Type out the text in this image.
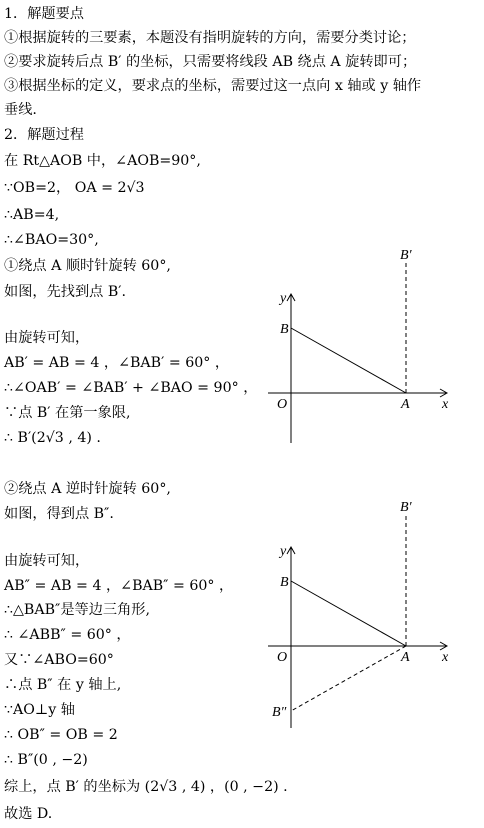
1．解题要点
①根据旋转的三要素，本题没有指明旋转的方向，需要分类讨论；
②要求旋转后点 B′ 的坐标，只需要将线段 AB 绕点 A 旋转即可；
③根据坐标的定义，要求点的坐标，需要过这一点向 x 轴或 y 轴作
垂线.
2．解题过程
在 Rt△AOB 中，∠AOB=90°,
∵OB=2， OA = 2√3
∴AB=4,
∴∠BAO=30°,
①绕点 A 顺时针旋转 60°,
如图，先找到点 B′.
由旋转可知，
AB′ = AB = 4 ，∠BAB′ = 60° ，
∴∠OAB′ = ∠BAB′ + ∠BAO = 90° ，
∵点 B′ 在第一象限,
∴ B′(2√3 , 4) .
y
x
O	A
B
B′
②绕点 A 逆时针旋转 60°,
如图，得到点 B″.
由旋转可知，
AB″ = AB = 4 ，∠BAB″ = 60° ，
∴△BAB″是等边三角形,
∴ ∠ABB″ = 60° ，
又∵∠ABO=60°
∴点 B″ 在 y 轴上,
∵AO⊥y 轴
∴ OB″ = OB = 2
∴ B″(0 , −2)
y
x
O	A
B
B′
B″
综上，点 B′ 的坐标为 (2√3 , 4) ，(0 , −2) .
故选 D.
